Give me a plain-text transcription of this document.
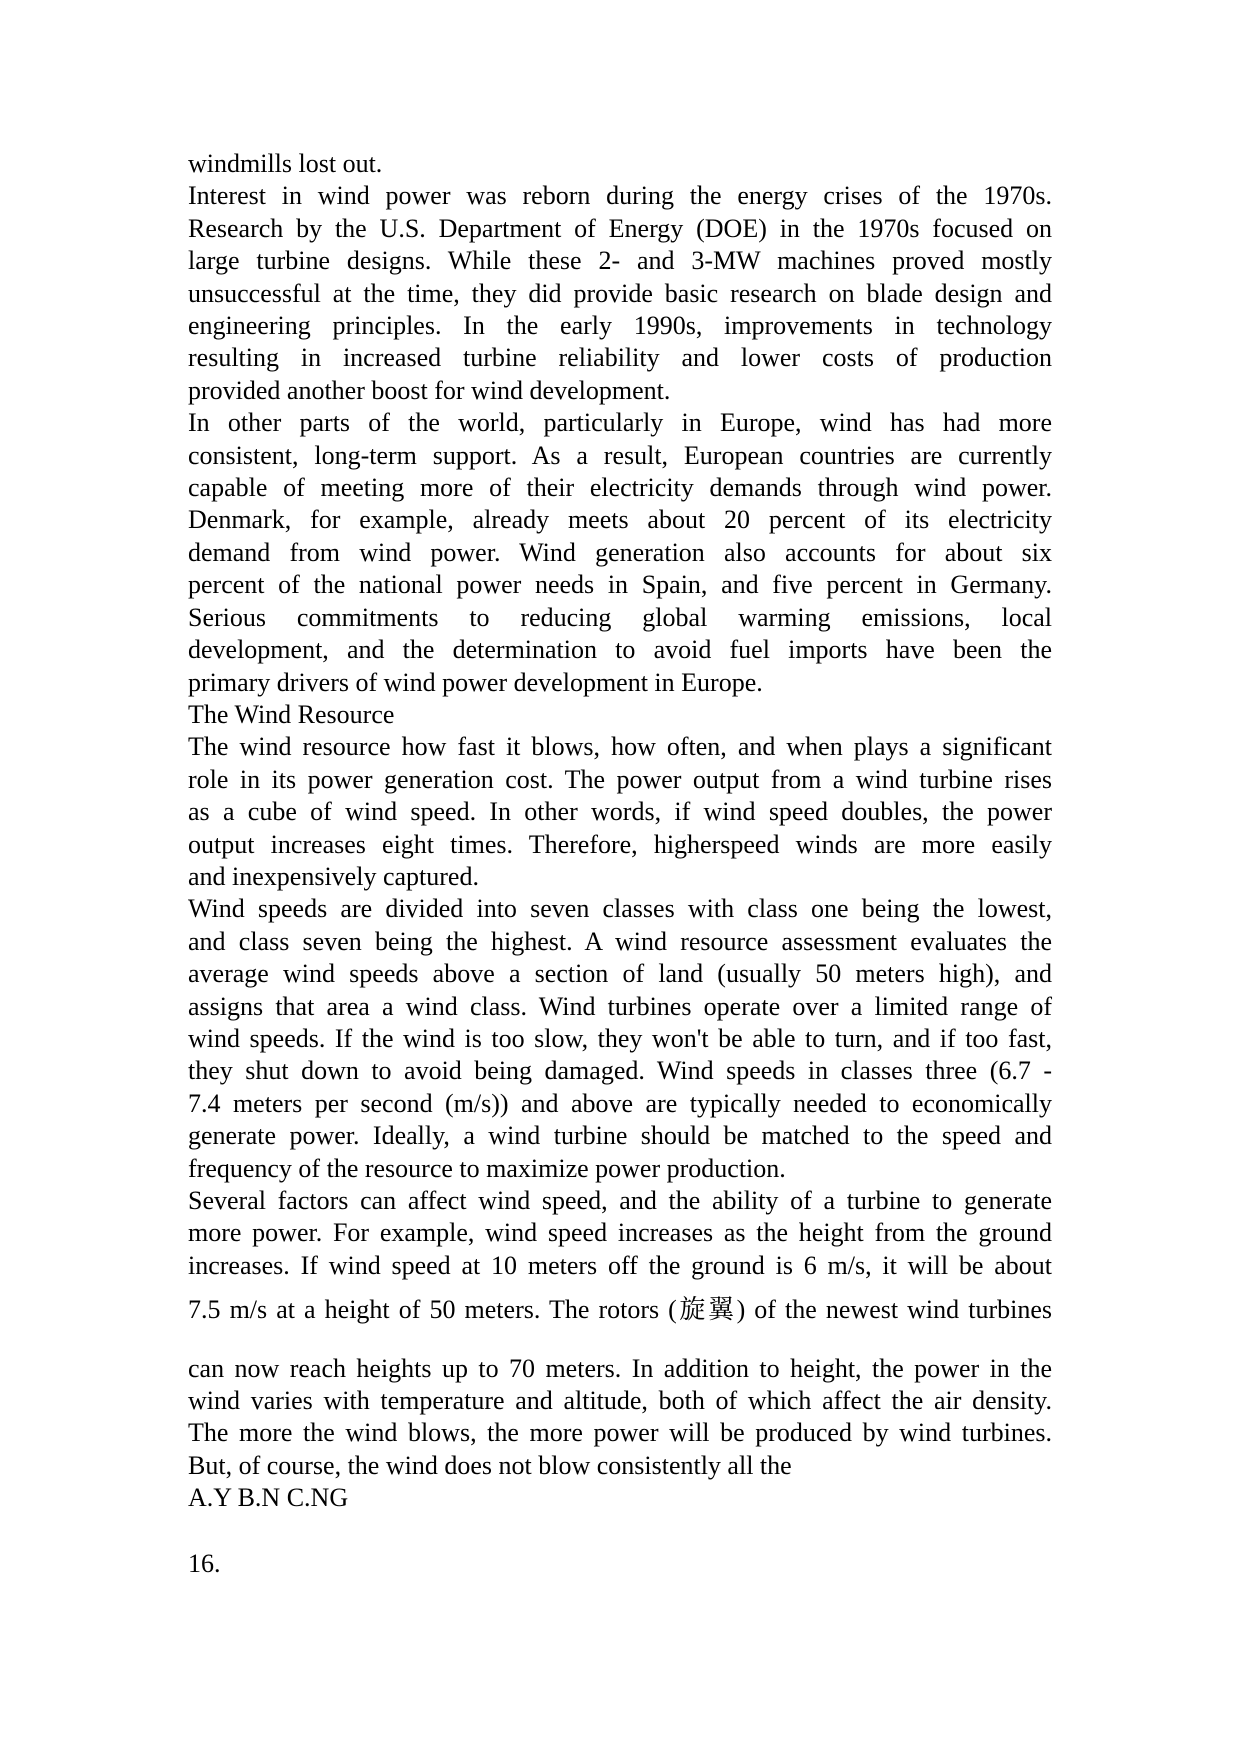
windmills lost out.
Interest in wind power was reborn during the energy crises of the 1970s.
Research by the U.S. Department of Energy (DOE) in the 1970s focused on
large turbine designs. While these 2- and 3-MW machines proved mostly
unsuccessful at the time, they did provide basic research on blade design and
engineering principles. In the early 1990s, improvements in technology
resulting in increased turbine reliability and lower costs of production
provided another boost for wind development.
In other parts of the world, particularly in Europe, wind has had more
consistent, long-term support. As a result, European countries are currently
capable of meeting more of their electricity demands through wind power.
Denmark, for example, already meets about 20 percent of its electricity
demand from wind power. Wind generation also accounts for about six
percent of the national power needs in Spain, and five percent in Germany.
Serious commitments to reducing global warming emissions, local
development, and the determination to avoid fuel imports have been the
primary drivers of wind power development in Europe.
The Wind Resource
The wind resource how fast it blows, how often, and when plays a significant
role in its power generation cost. The power output from a wind turbine rises
as a cube of wind speed. In other words, if wind speed doubles, the power
output increases eight times. Therefore, higherspeed winds are more easily
and inexpensively captured.
Wind speeds are divided into seven classes with class one being the lowest,
and class seven being the highest. A wind resource assessment evaluates the
average wind speeds above a section of land (usually 50 meters high), and
assigns that area a wind class. Wind turbines operate over a limited range of
wind speeds. If the wind is too slow, they won't be able to turn, and if too fast,
they shut down to avoid being damaged. Wind speeds in classes three (6.7 -
7.4 meters per second (m/s)) and above are typically needed to economically
generate power. Ideally, a wind turbine should be matched to the speed and
frequency of the resource to maximize power production.
Several factors can affect wind speed, and the ability of a turbine to generate
more power. For example, wind speed increases as the height from the ground
increases. If wind speed at 10 meters off the ground is 6 m/s, it will be about
7.5 m/s at a height of 50 meters. The rotors (旋翼) of the newest wind turbines
can now reach heights up to 70 meters. In addition to height, the power in the
wind varies with temperature and altitude, both of which affect the air density.
The more the wind blows, the more power will be produced by wind turbines.
But, of course, the wind does not blow consistently all the
A.Y B.N C.NG
16.
